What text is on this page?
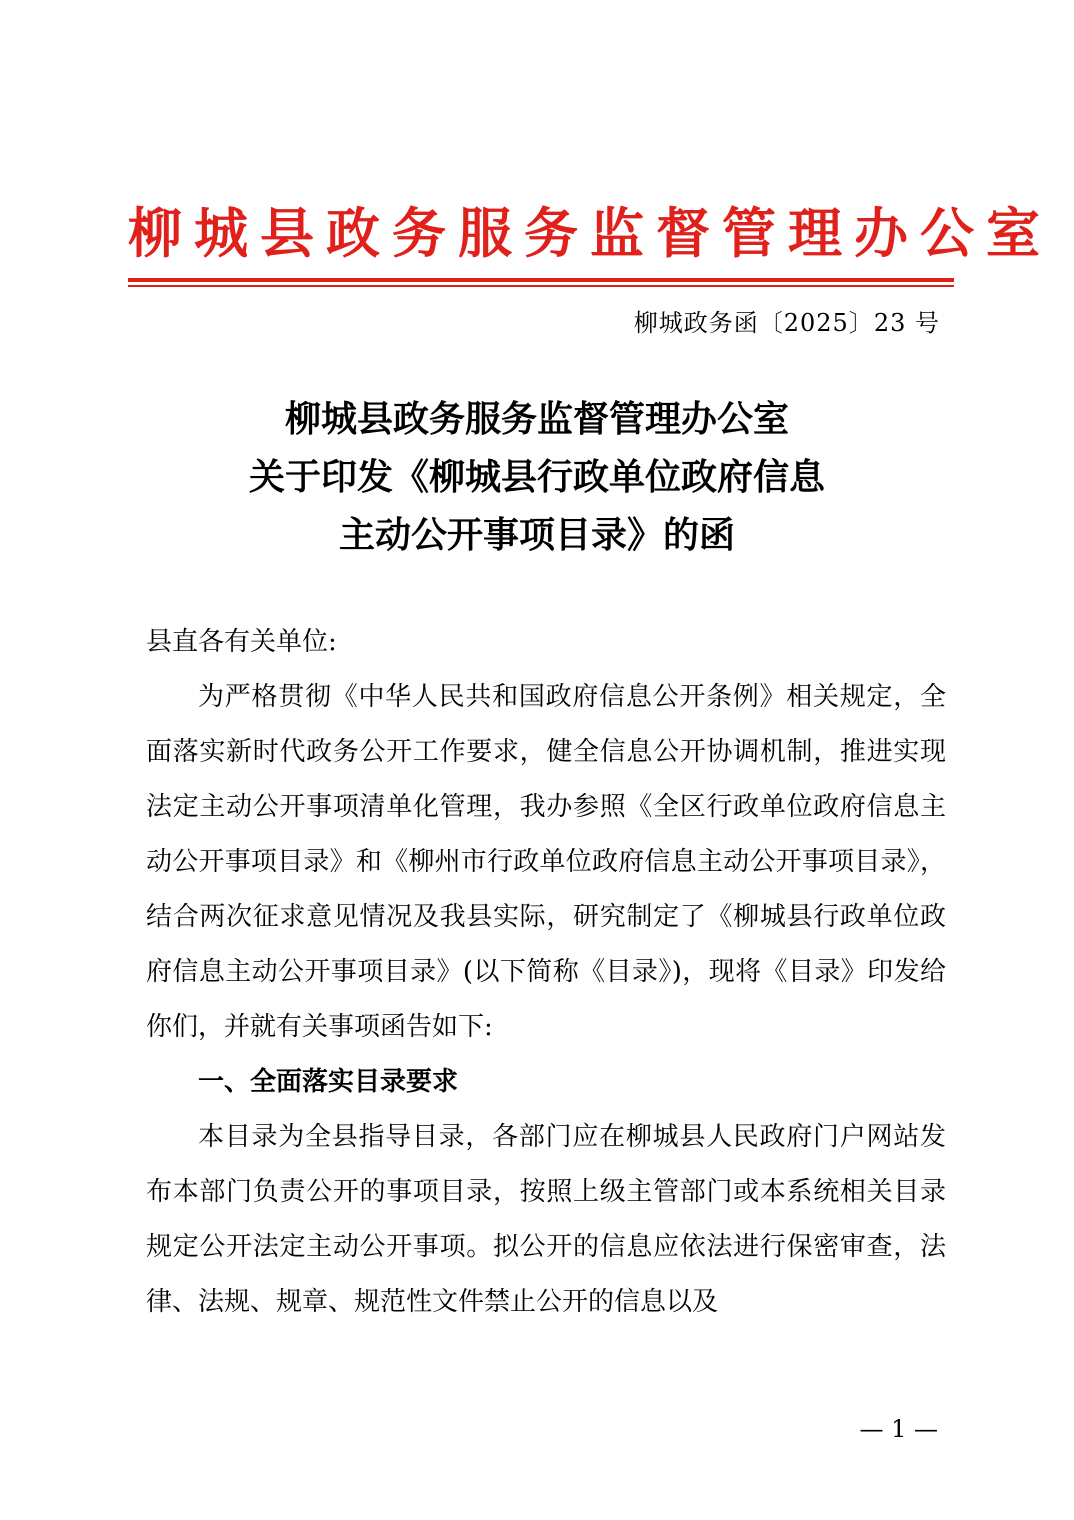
柳城县政务服务监督管理办公室
柳城政务函〔2025〕23 号
柳城县政务服务监督管理办公室
关于印发《柳城县行政单位政府信息
主动公开事项目录》的函

县直各有关单位:

为严格贯彻《中华人民共和国政府信息公开条例》相关规定，全面落实新时代政务公开工作要求，健全信息公开协调机制，推进实现法定主动公开事项清单化管理，我办参照《全区行政单位政府信息主动公开事项目录》和《柳州市行政单位政府信息主动公开事项目录》，结合两次征求意见情况及我县实际，研究制定了《柳城县行政单位政府信息主动公开事项目录》(以下简称《目录》)，现将《目录》印发给你们，并就有关事项函告如下:

一、全面落实目录要求

本目录为全县指导目录，各部门应在柳城县人民政府门户网站发布本部门负责公开的事项目录，按照上级主管部门或本系统相关目录规定公开法定主动公开事项。拟公开的信息应依法进行保密审查，法律、法规、规章、规范性文件禁止公开的信息以及

— 1 —
